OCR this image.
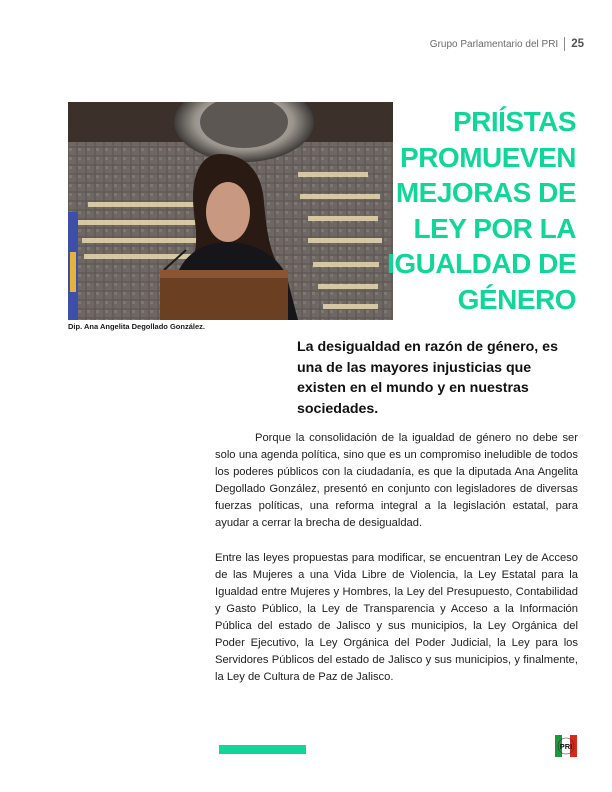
Grupo Parlamentario del PRI	25
Dip. Ana Angelita Degollado González.
PRIÍSTAS
PROMUEVEN
MEJORAS DE
LEY POR LA
IGUALDAD DE
GÉNERO
La desigualdad en razón de género, es una de las mayores injusticias que existen en el mundo y en nuestras sociedades.

Porque la consolidación de la igualdad de género no debe ser solo una agenda política, sino que es un compromiso ineludible de todos los poderes públicos con la ciudadanía, es que la diputada Ana Angelita Degollado González, presentó en conjunto con legisladores de diversas fuerzas políticas, una reforma integral a la legislación estatal, para ayudar a cerrar la brecha de desigualdad.

Entre las leyes propuestas para modificar, se encuentran Ley de Acceso de las Mujeres a una Vida Libre de Violencia, la Ley Estatal para la Igualdad entre Mujeres y Hombres, la Ley del Presupuesto, Contabilidad y Gasto Público, la Ley de Transparencia y Acceso a la Información Pública del estado de Jalisco y sus municipios, la Ley Orgánica del Poder Ejecutivo, la Ley Orgánica del Poder Judicial, la Ley para los Servidores Públicos del estado de Jalisco y sus municipios, y finalmente, la Ley de Cultura de Paz de Jalisco.

PRI
